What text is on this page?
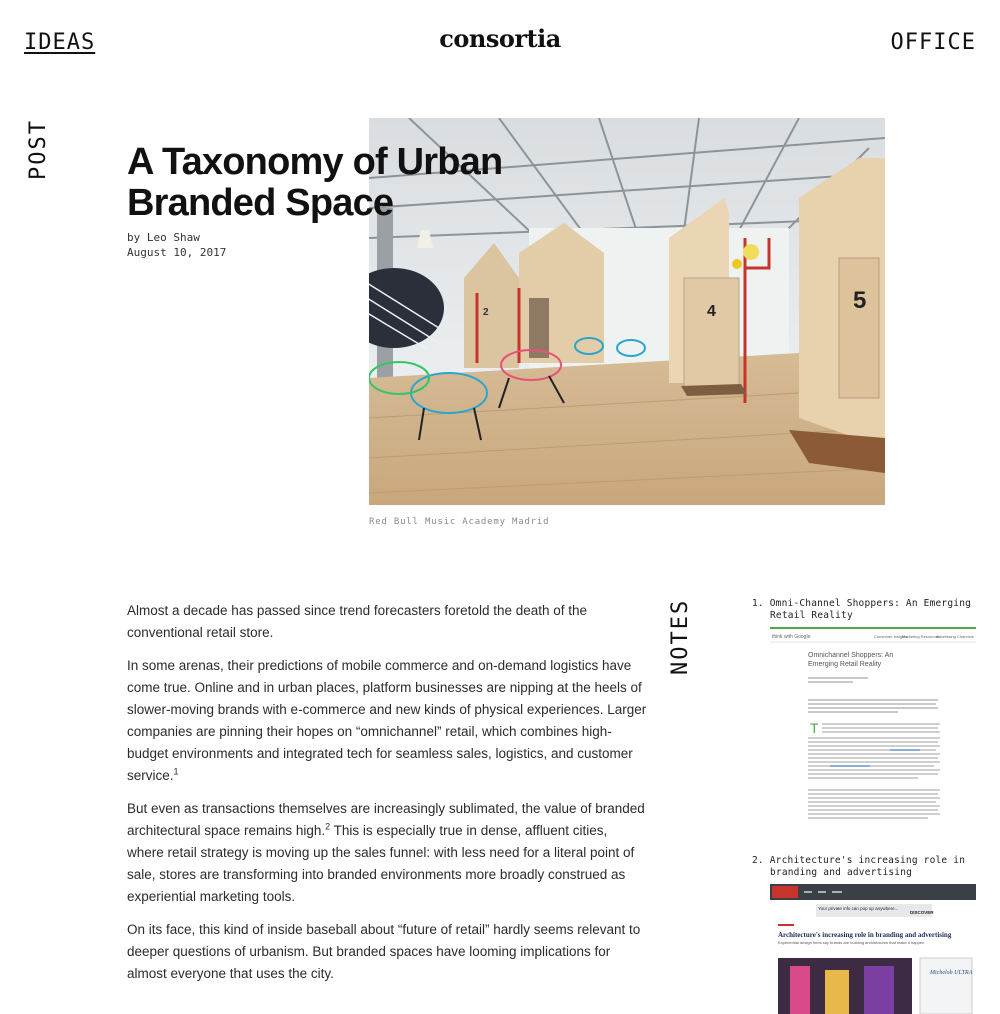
IDEAS	consortia	OFFICE
POST
4	5
2
A Taxonomy of Urban Branded Space
by Leo Shaw
August 10, 2017
Red Bull Music Academy Madrid

Almost a decade has passed since trend forecasters foretold the death of the conventional retail store.

In some arenas, their predictions of mobile commerce and on-demand logistics have come true. Online and in urban places, platform businesses are nipping at the heels of slower-moving brands with e-commerce and new kinds of physical experiences. Larger companies are pinning their hopes on “omnichannel” retail, which combines high-budget environments and integrated tech for seamless sales, logistics, and customer service.$^1$

But even as transactions themselves are increasingly sublimated, the value of branded architectural space remains high.$^2$ This is especially true in dense, affluent cities, where retail strategy is moving up the sales funnel: with less need for a literal point of sale, stores are transforming into branded environments more broadly construed as experiential marketing tools.

On its face, this kind of inside baseball about “future of retail” hardly seems relevant to deeper questions of urbanism. But branded spaces have looming implications for almost everyone that uses the city.

NOTES	1. Omni-Channel Shoppers: An Emerging Retail Reality
think with Google	Consumer Insights
Marketing Resources
Advertising Channels
Omnichannel Shoppers: An
Emerging Retail Reality
T
2. Architecture's increasing role in branding and advertising
Your private info can pop up anywhere...
DISCOVER
Architecture's increasing role in branding and advertising
Experiential design firms say brands are building architectures that make it happen
Michelob ULTRA
